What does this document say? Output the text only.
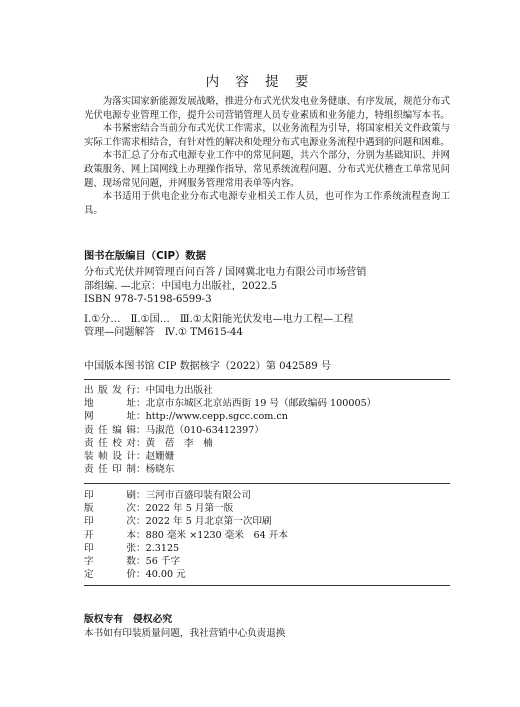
内 容 提 要

为落实国家新能源发展战略，推进分布式光伏发电业务健康、有序发展，规范分布式光伏电源专业管理工作，提升公司营销管理人员专业素质和业务能力，特组织编写本书。

本书紧密结合当前分布式光伏工作需求，以业务流程为引导，将国家相关文件政策与实际工作需求相结合，有针对性的解决和处理分布式电源业务流程中遇到的问题和困难。

本书汇总了分布式电源专业工作中的常见问题，共六个部分，分别为基础知识、并网政策服务、网上国网线上办理操作指导、常见系统流程问题、分布式光伏稽查工单常见问题、现场常见问题，并网服务管理常用表单等内容。

本书适用于供电企业分布式电源专业相关工作人员，也可作为工作系统流程查询工具。

图书在版编目（CIP）数据
分布式光伏并网管理百问百答 / 国网冀北电力有限公司市场营销
部组编. —北京：中国电力出版社，2022.5
ISBN 978-7-5198-6599-3
Ⅰ.①分…　Ⅱ.①国…　Ⅲ.①太阳能光伏发电—电力工程—工程
管理—问题解答　Ⅳ.① TM615-44
中国版本图书馆 CIP 数据核字（2022）第 042589 号
出版发行 ： 中国电力出版社
地　　址 ： 北京市东城区北京站西街 19 号（邮政编码 100005）
网　　址 ： http://www.cepp.sgcc.com.cn
责任编辑 ： 马淑范（010-63412397）
责任校对 ： 黄　蓓　李　楠
装帧设计 ： 赵姗姗
责任印制 ： 杨晓东
印　　刷 ： 三河市百盛印装有限公司
版　　次 ： 2022 年 5 月第一版
印　　次 ： 2022 年 5 月北京第一次印刷
开　　本 ： 880 毫米 ×1230 毫米　64 开本
印　　张 ： 2.3125
字　　数 ： 56 千字
定　　价 ： 40.00 元
版权专有　侵权必究
本书如有印装质量问题，我社营销中心负责退换
